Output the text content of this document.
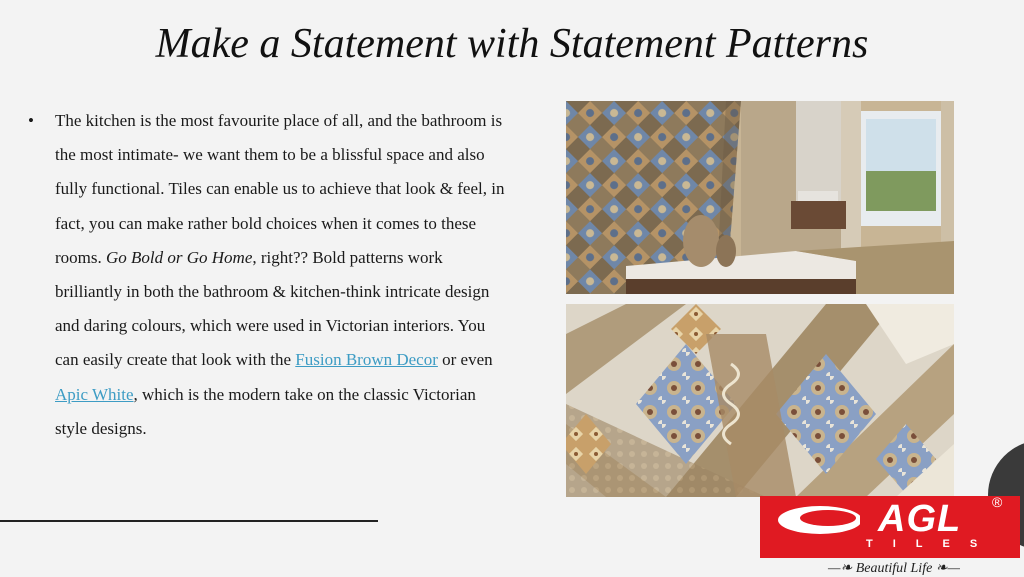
Make a Statement with Statement Patterns
• The kitchen is the most favourite place of all, and the bathroom is the most intimate- we want them to be a blissful space and also fully functional. Tiles can enable us to achieve that look & feel, in fact, you can make rather bold choices when it comes to these rooms. Go Bold or Go Home, right?? Bold patterns work brilliantly in both the bathroom & kitchen-think intricate design and daring colours, which were used in Victorian interiors. You can easily create that look with the Fusion Brown Decor or even Apic White, which is the modern take on the classic Victorian style designs.
AGL
TILES
®
—❧ Beautiful Life ❧—
